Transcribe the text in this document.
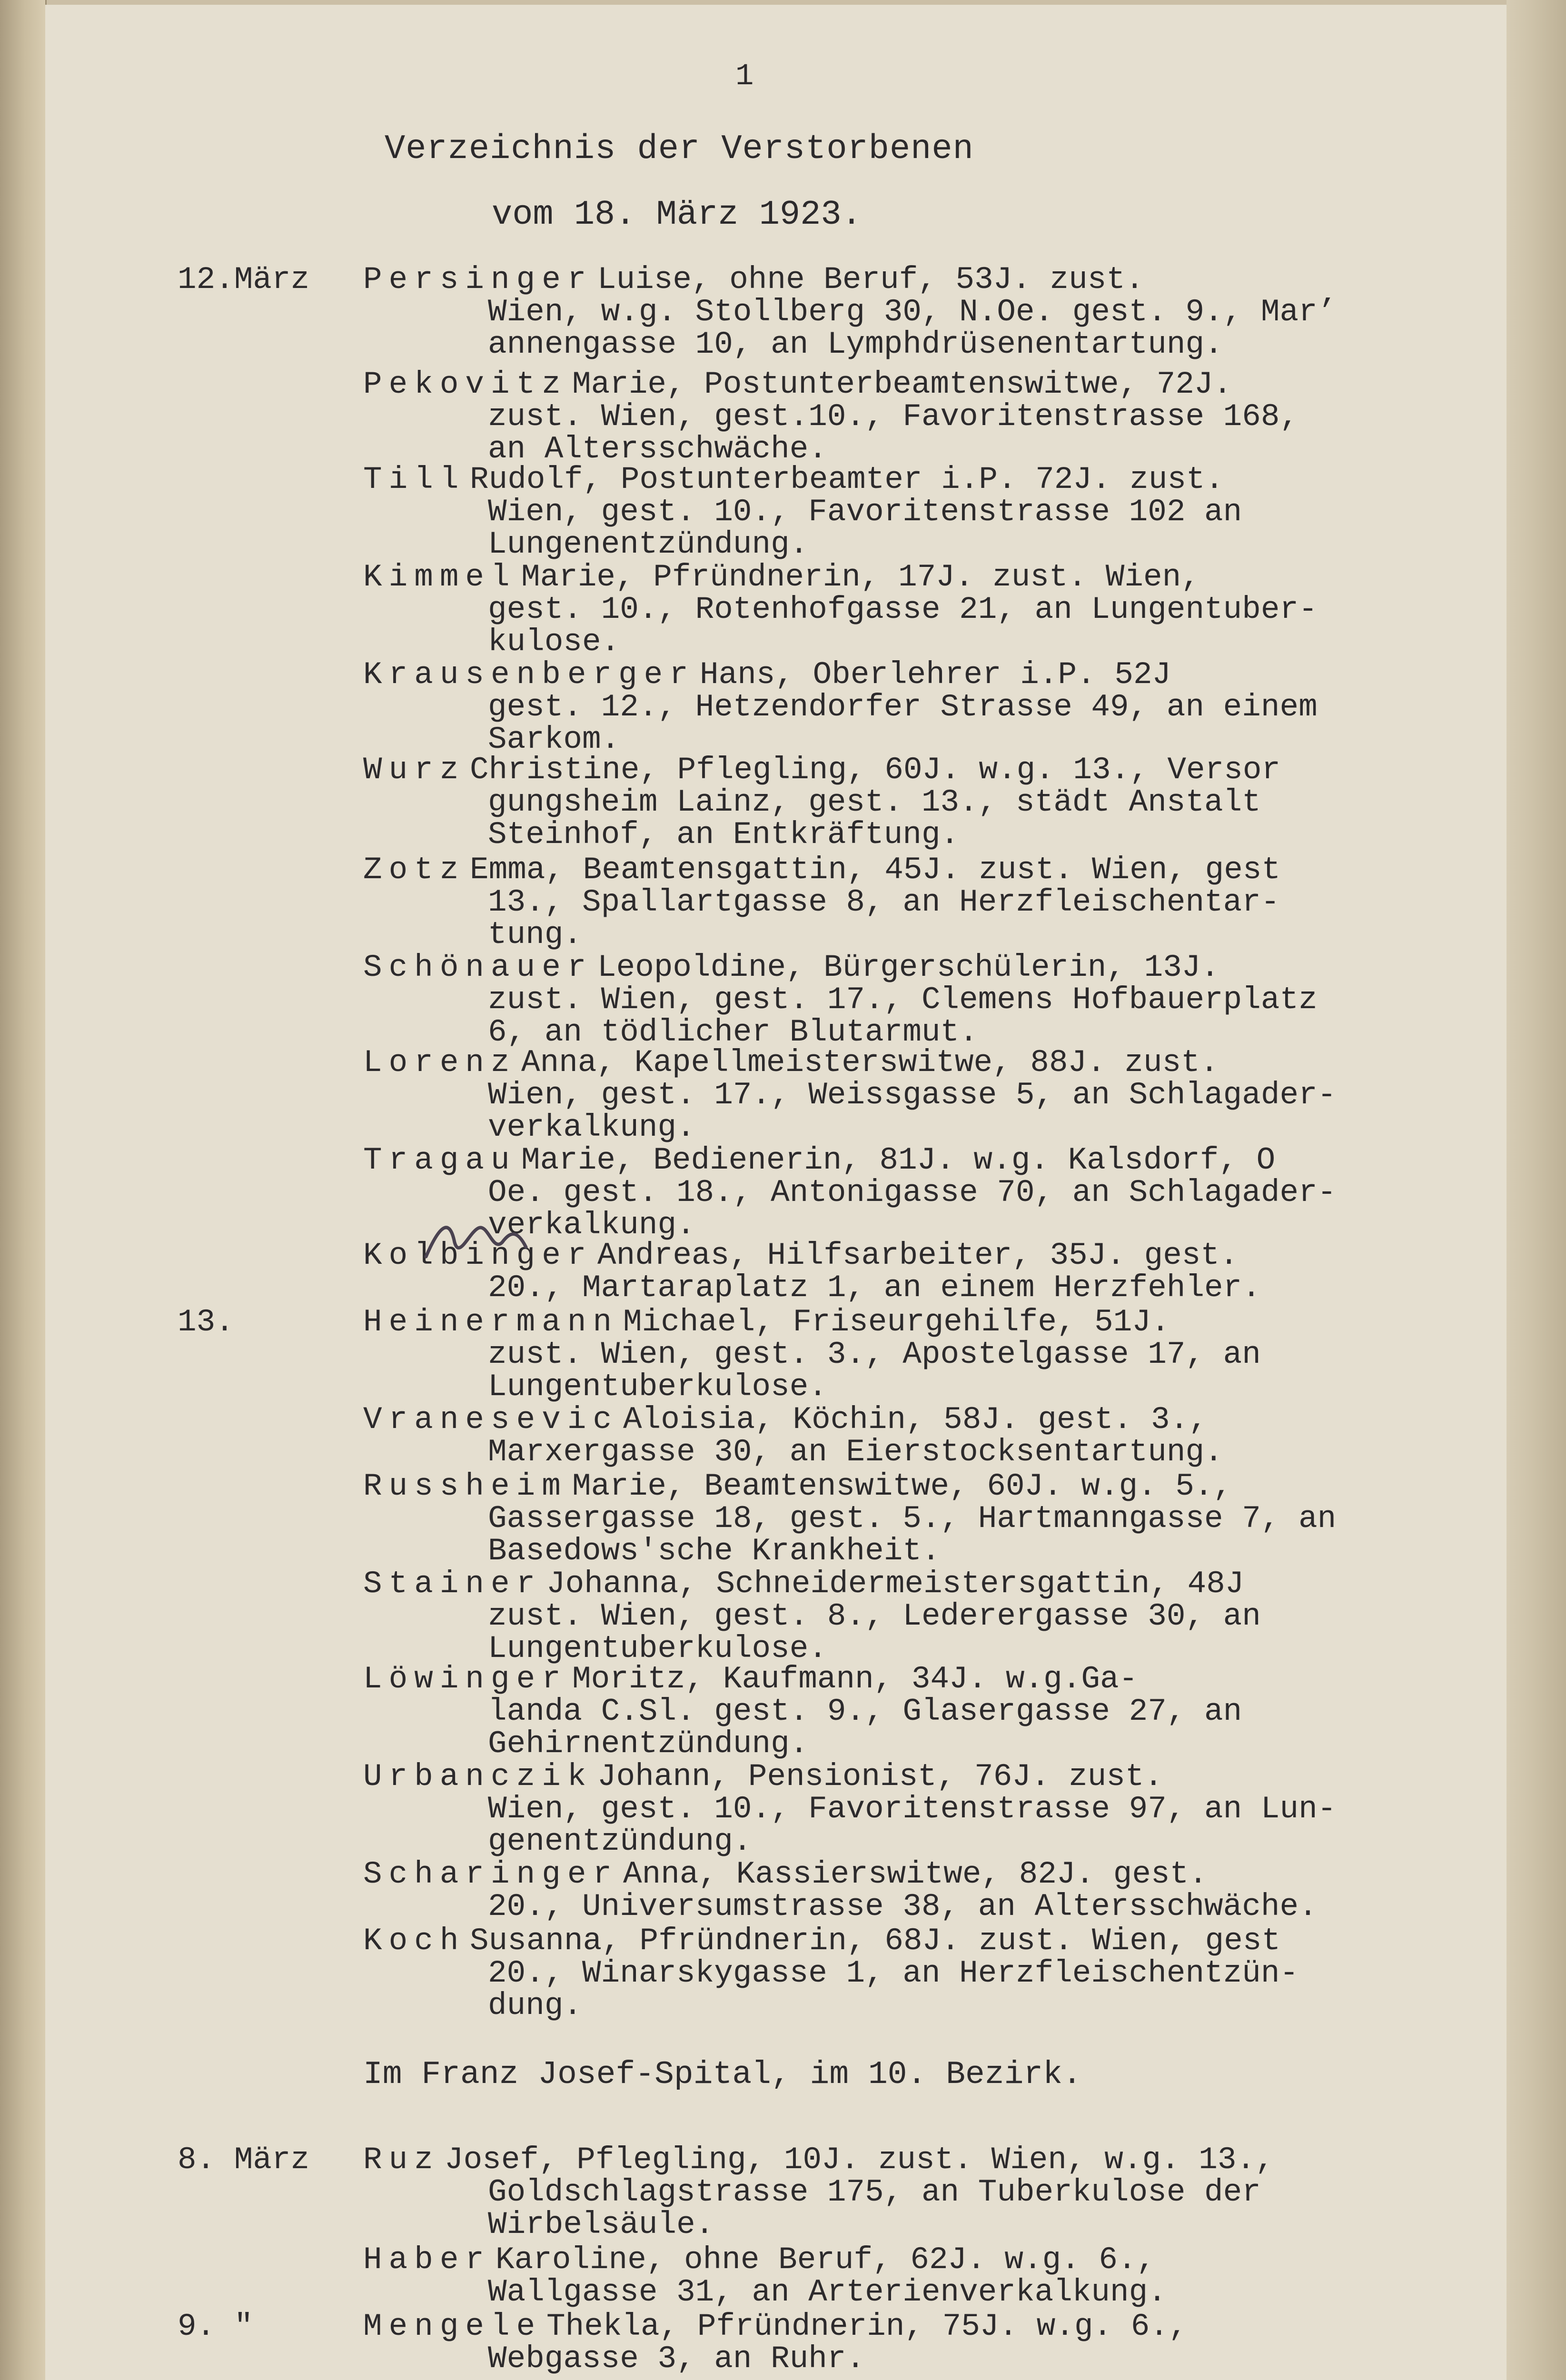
1
Verzeichnis der Verstorbenen
vom 18. März 1923.
12.März Persinger Luise, ohne Beruf, 53J. zust.
Wien, w.g. Stollberg 30, N.Oe. gest. 9., Mar’
annengasse 10, an Lymphdrüsenentartung.
Pekovitz Marie, Postunterbeamtenswitwe, 72J.
zust. Wien, gest.10., Favoritenstrasse 168,
an Altersschwäche.
Till Rudolf, Postunterbeamter i.P. 72J. zust.
Wien, gest. 10., Favoritenstrasse 102 an
Lungenentzündung.
Kimmel Marie, Pfründnerin, 17J. zust. Wien,
gest. 10., Rotenhofgasse 21, an Lungentuber-
kulose.
Krausenberger Hans, Oberlehrer i.P. 52J
gest. 12., Hetzendorfer Strasse 49, an einem
Sarkom.
Wurz Christine, Pflegling, 60J. w.g. 13., Versor
gungsheim Lainz, gest. 13., städt Anstalt
Steinhof, an Entkräftung.
Zotz Emma, Beamtensgattin, 45J. zust. Wien, gest
13., Spallartgasse 8, an Herzfleischentar-
tung.
Schönauer Leopoldine, Bürgerschülerin, 13J.
zust. Wien, gest. 17., Clemens Hofbauerplatz
6, an tödlicher Blutarmut.
Lorenz Anna, Kapellmeisterswitwe, 88J. zust.
Wien, gest. 17., Weissgasse 5, an Schlagader-
verkalkung.
Tragau Marie, Bedienerin, 81J. w.g. Kalsdorf, O
Oe. gest. 18., Antonigasse 70, an Schlagader-
verkalkung.
Kolbinger Andreas, Hilfsarbeiter, 35J. gest.
20., Martaraplatz 1, an einem Herzfehler.
13.	Heinermann Michael, Friseurgehilfe, 51J.
zust. Wien, gest. 3., Apostelgasse 17, an
Lungentuberkulose.
Vranesevic Aloisia, Köchin, 58J. gest. 3.,
Marxergasse 30, an Eierstocksentartung.
Russheim Marie, Beamtenswitwe, 60J. w.g. 5.,
Gassergasse 18, gest. 5., Hartmanngasse 7, an
Basedows'sche Krankheit.
Stainer Johanna, Schneidermeistersgattin, 48J
zust. Wien, gest. 8., Lederergasse 30, an
Lungentuberkulose.
Löwinger Moritz, Kaufmann, 34J. w.g.Ga-
landa C.Sl. gest. 9., Glasergasse 27, an
Gehirnentzündung.
Urbanczik Johann, Pensionist, 76J. zust.
Wien, gest. 10., Favoritenstrasse 97, an Lun-
genentzündung.
Scharinger Anna, Kassierswitwe, 82J. gest.
20., Universumstrasse 38, an Altersschwäche.
Koch Susanna, Pfründnerin, 68J. zust. Wien, gest
20., Winarskygasse 1, an Herzfleischentzün-
dung.
8. März Ruz Josef, Pflegling, 10J. zust. Wien, w.g. 13.,
Goldschlagstrasse 175, an Tuberkulose der
Wirbelsäule.
Haber Karoline, ohne Beruf, 62J. w.g. 6.,
Wallgasse 31, an Arterienverkalkung.
9. "	Mengele Thekla, Pfründnerin, 75J. w.g. 6.,
Webgasse 3, an Ruhr.
Im Franz Josef-Spital, im 10. Bezirk.
